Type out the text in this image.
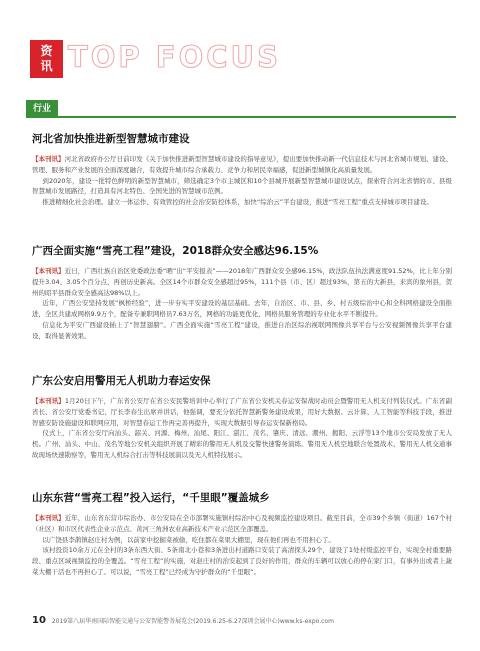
资
讯 TOP FOCUS
行业
河北省加快推进新型智慧城市建设

【本刊讯】河北省政府办公厅日前印发《关于加快推进新型智慧城市建设的指导意见》，提出要加快推动新一代信息技术与河北省城市规划、建设、管理、服务和产业发展的全面深度融合，有效提升城市综合承载力、竞争力和居民幸福感，促进新型城镇化高质量发展。

到2020年，建设一批特色鲜明的新型智慧城市，筛选确定3个市主城区和10个县城开展新型智慧城市建设试点，探索符合河北省情的市、县级智慧城市发展路径，打造具有河北特色、全国先进的智慧城市范例。

推进精细化社会治理。建立一体运作、有效管控的社会治安防控体系，加快“综治云”平台建设，推进“雪亮工程”重点支持城市项目建设。

广西全面实施“雪亮工程”建设，2018群众安全感达96.15%

【本刊讯】近日，广西壮族自治区党委政法委“晒”出“平安报表”——2018年广西群众安全感96.15%，政法队伍执法满意度91.52%，比上年分别提升3.04、3.05个百分点，再创历史新高。全区14个市群众安全感超过95%，111个县（市、区）超过93%，第五的大新县，来宾的象州县，贺州的昭平县群众安全感高达98%以上。

近年，广西公安坚持发展“枫桥经验”，进一步夯实平安建设的基层基础。去年，自治区、市、县、乡、村五级综治中心和全科网格建设全面推进，全区共建成网格9.9万个，配备专兼职网格员7.63万名，网格的功能更优化，网格员服务管理的专业化水平不断提升。

信息化为平安广西建设插上了“智慧翅膀”。广西全面实施“雪亮工程”建设，推进自治区综治视联网图像共享平台与公安视频图像共享平台建设，取得显著效果。

广东公安启用警用无人机助力春运安保

【本刊讯】1月20日下午，广东省公安厅在省公安民警培训中心举行了广东省公安机关春运安保战时动员会暨警用无人机支付列装仪式。广东省副省长、省公安厅党委书记、厅长李春生出席并讲话，他强调，要充分依托智慧新警务建设成果，用好大数据、云计算、人工智能等科技手段，推进智感安防设施建设和联网应用，对智慧春运工作再完善再提升，实现大数据引导春运安保新格局。

仪式上，广东省公安厅向汕头、韶关、河源、梅州、汕尾、阳江、湛江、茂名、肇庆、清远、潮州、揭阳、云浮等13个地市公安局发放了无人机。广州、汕头、中山、茂名等地公安机关组织开展了精彩的警用无人机及交警快速警务演练。警用无人机空地联合处置战术、警用无人机交通事故现场快速勘察等，警用无人机综合打击等科技展演以及无人机特技展示。

山东东营“雪亮工程”投入运行，“千里眼”覆盖城乡

【本刊讯】近年，山东省东营市综治办、市公安局在全市部署实施镇村综治中心及视频监控建设项目。截至目前，全市39个乡镇（街道）167个村（社区）和市区代表性企业示范点、黄河三角洲农业高新技术产业示范区全部覆盖。

以广饶县李鹊镇赵庄村为例，以前家中挖掘菜被偷，吃住都在菜果大棚里，现在他们再也不用担心了。

该村投资10余万元在全村的3条东西大街、5条南北小巷和3条进出村道路口安装了高清探头29个，建设了1处村级监控平台，实现全村重要路段、重点区域视频监控的全覆盖。“雪亮工程”的实施，对赵庄村的治安起到了良好的作用，群众的车辆可以放心的停在家门口，有事外出或者上蔬菜大棚干活也不再担心了。可以说，“雪亮工程”已经成为守护群众的“千里眼”。

10 2019第八届华南国际智能交通与公安智能警务展览会(2019.6.25-6.27深圳会展中心)www.ks-expo.com
